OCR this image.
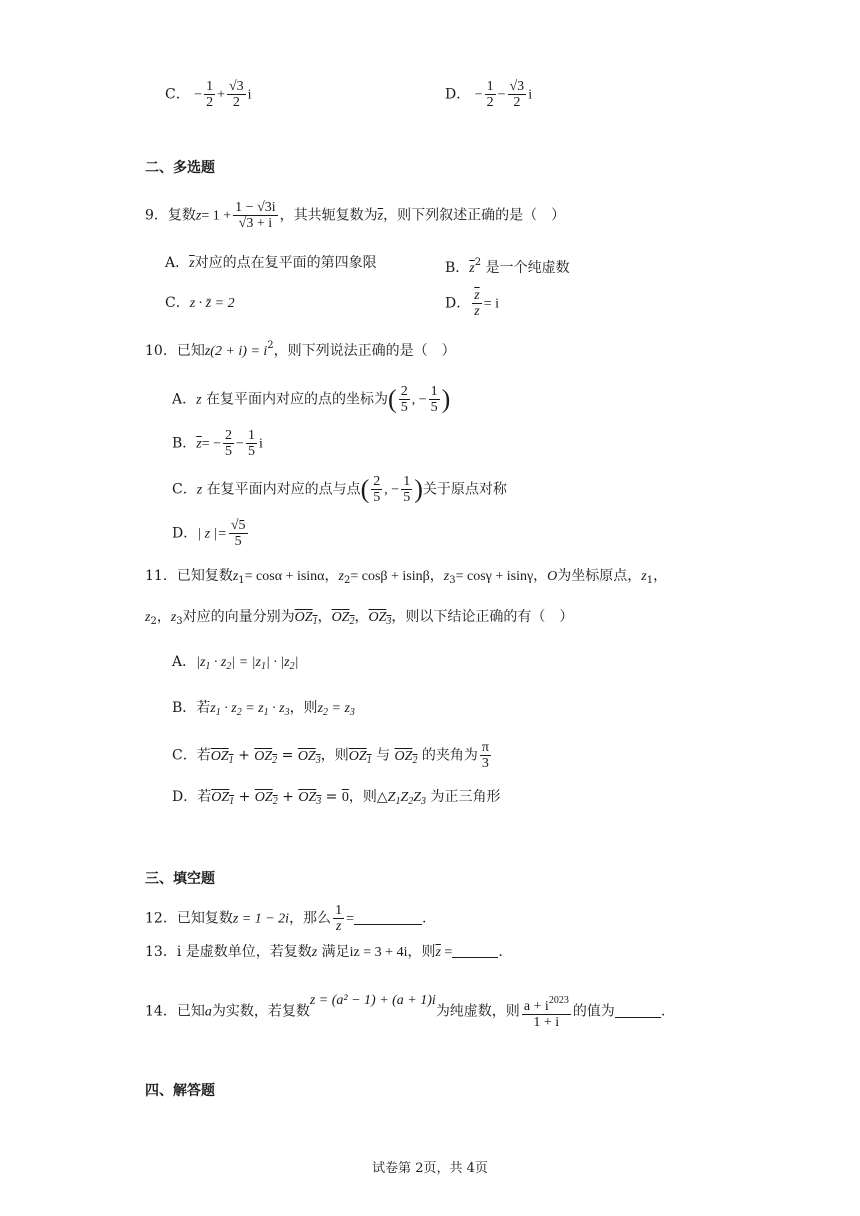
C． − $\frac{1}{2} + \frac{√3}{2}$ i	D． − $\frac{1}{2} - \frac{√3}{2}$ i
二、多选题
9．复数$z= 1 + \frac{1 - √3i}{√3 + i}$ ，其共轭复数为$\overline{z}$，则下列叙述正确的是（　）
A．$\overline{z}$对应的点在复平面的第四象限	B．$\overline{z}^2$ 是一个纯虚数
C．z · z̄ = 2	D． $\frac{\overline{z}}{z} = i$
10．已知$z(2 + i) = i^2$，则下列说法正确的是（　）
A．z 在复平面内对应的点的坐标为( $\frac{2}{5}$ , − $\frac{1}{5}$ )
B．$\overline{z}= - \frac{2}{5} - \frac{1}{5}$ i
C．z 在复平面内对应的点与点( $\frac{2}{5}$ , − $\frac{1}{5}$ )关于原点对称
D．| z |= $\frac{√5}{5}$
11．已知复数$z_1= \cos\alpha + isin\alpha$，$z_2= \cos\beta + isin\beta$，$z_3= \cos\gamma + isin\gamma$，O为坐标原点，$z_1$，
$z_2$，$z_3$对应的向量分别为$OZ_1$，$OZ_2$，$OZ_3$，则以下结论正确的有（　）
A．$|z_1 \cdot z_2| = |z_1| \cdot |z_2|$
B．若$z_1 \cdot z_2 = z_1 \cdot z_3$，则$z_2 = z_3$
C．若$OZ_1 + OZ_2 = OZ_3$，则$OZ_1$ 与 $OZ_2$ 的夹角为 $\frac{\pi}{3}$
D．若$OZ_1 + OZ_2 + OZ_3 = 0$，则$\triangle Z_1Z_2Z_3$ 为正三角形
三、填空题
12．已知复数z = 1 − 2i，那么 $\frac{1}{z}$ =	.
13．i 是虚数单位，若复数z 满足iz = 3 + 4i，则$\overline{z}$ =	.
14．已知a为实数，若复数z = (a² − 1) + (a + 1)i为纯虚数，则 $\frac{a + i^{2023}}{1 + i}$ 的值为	.
四、解答题
试卷第 2页，共 4页
